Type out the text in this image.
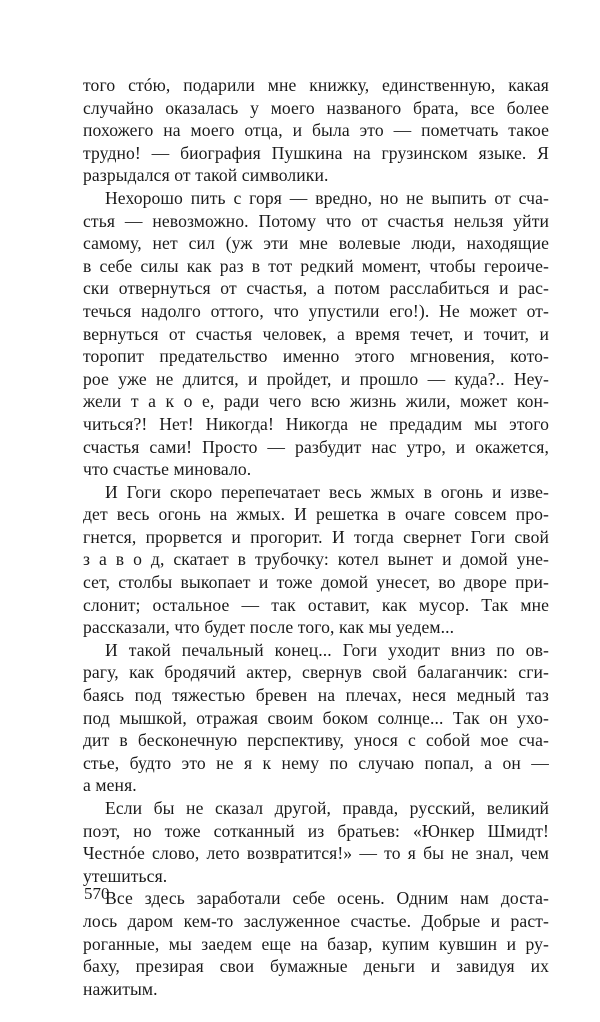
того стóю, подарили мне книжку, единственную, какая
случайно оказалась у моего названого брата, все более
похожего на моего отца, и была это — пометчать такое
трудно! — биография Пушкина на грузинском языке. Я
разрыдался от такой символики.
Нехорошо пить с горя — вредно, но не выпить от сча-
стья — невозможно. Потому что от счастья нельзя уйти
самому, нет сил (уж эти мне волевые люди, находящие
в себе силы как раз в тот редкий момент, чтобы героиче-
ски отвернуться от счастья, а потом расслабиться и рас-
течься надолго оттого, что упустили его!). Не может от-
вернуться от счастья человек, а время течет, и точит, и
торопит предательство именно этого мгновения, кото-
рое уже не длится, и пройдет, и прошло — куда?.. Неу-
жели т а к о е, ради чего всю жизнь жили, может кон-
читься?! Нет! Никогда! Никогда не предадим мы этого
счастья сами! Просто — разбудит нас утро, и окажется,
что счастье миновало.
И Гоги скоро перепечатает весь жмых в огонь и изве-
дет весь огонь на жмых. И решетка в очаге совсем про-
гнется, прорвется и прогорит. И тогда свернет Гоги свой
з а в о д, скатает в трубочку: котел вынет и домой уне-
сет, столбы выкопает и тоже домой унесет, во дворе при-
слонит; остальное — так оставит, как мусор. Так мне
рассказали, что будет после того, как мы уедем...
И такой печальный конец... Гоги уходит вниз по ов-
рагу, как бродячий актер, свернув свой балаганчик: сги-
баясь под тяжестью бревен на плечах, неся медный таз
под мышкой, отражая своим боком солнце... Так он ухо-
дит в бесконечную перспективу, унося с собой мое сча-
стье, будто это не я к нему по случаю попал, а он —
а меня.
Если бы не сказал другой, правда, русский, великий
поэт, но тоже сотканный из братьев: «Юнкер Шмидт!
Честнóе слово, лето возвратится!» — то я бы не знал, чем
утешиться.
Все здесь заработали себе осень. Одним нам доста-
лось даром кем-то заслуженное счастье. Добрые и раст-
роганные, мы заедем еще на базар, купим кувшин и ру-
баху, презирая свои бумажные деньги и завидуя их
нажитым.
570
